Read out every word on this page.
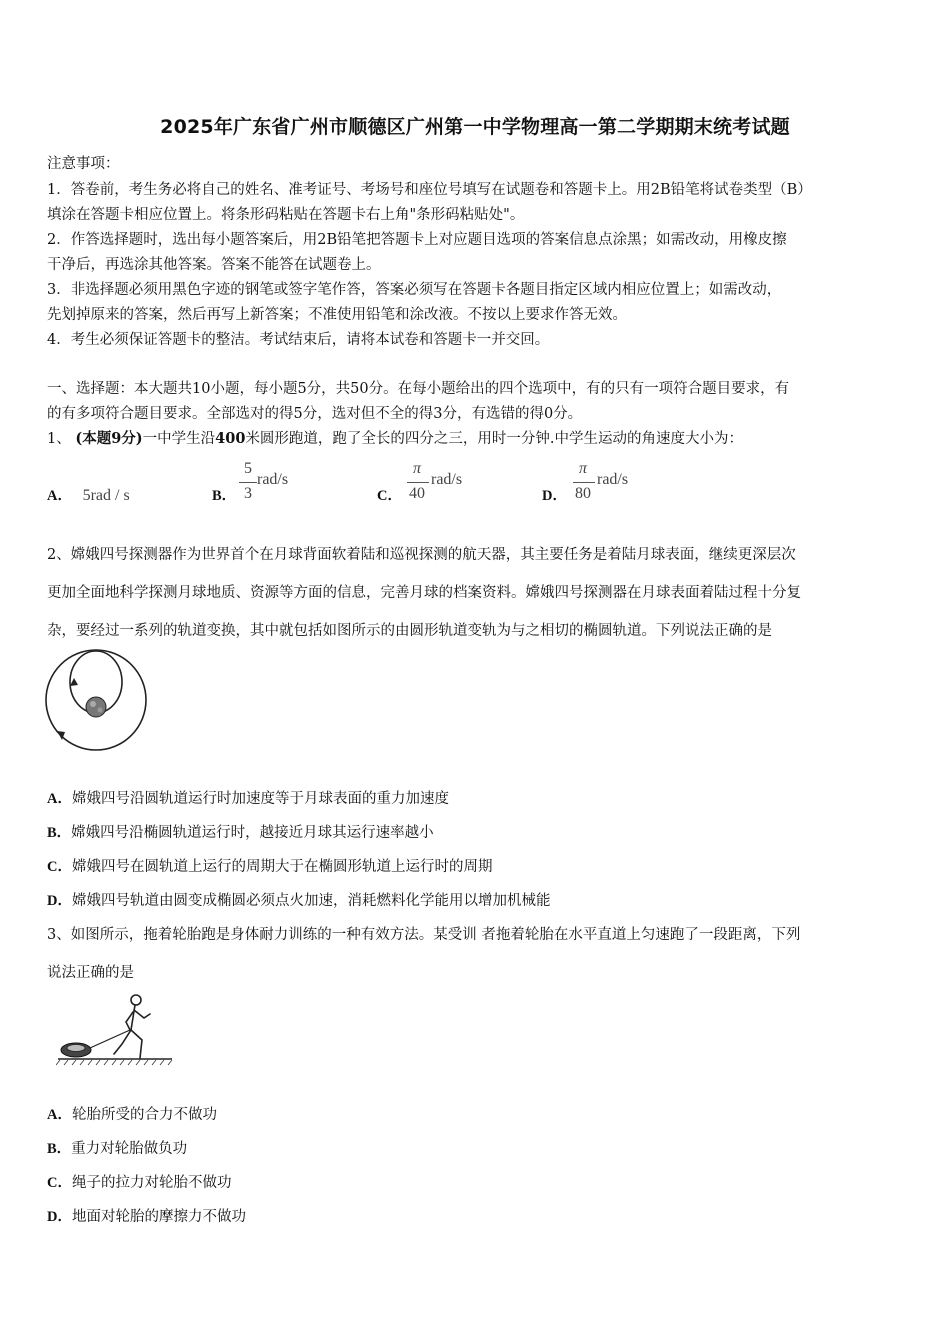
2025年广东省广州市顺德区广州第一中学物理高一第二学期期末统考试题
注意事项：
1．答卷前，考生务必将自己的姓名、准考证号、考场号和座位号填写在试题卷和答题卡上。用2B铅笔将试卷类型（B）
填涂在答题卡相应位置上。将条形码粘贴在答题卡右上角"条形码粘贴处"。
2．作答选择题时，选出每小题答案后，用2B铅笔把答题卡上对应题目选项的答案信息点涂黑；如需改动，用橡皮擦
干净后，再选涂其他答案。答案不能答在试题卷上。
3．非选择题必须用黑色字迹的钢笔或签字笔作答，答案必须写在答题卡各题目指定区域内相应位置上；如需改动，
先划掉原来的答案，然后再写上新答案；不准使用铅笔和涂改液。不按以上要求作答无效。
4．考生必须保证答题卡的整洁。考试结束后，请将本试卷和答题卡一并交回。
一、选择题：本大题共10小题，每小题5分，共50分。在每小题给出的四个选项中，有的只有一项符合题目要求，有
的有多项符合题目要求。全部选对的得5分，选对但不全的得3分，有选错的得0分。
1、 (本题9分)一中学生沿400米圆形跑道，跑了全长的四分之三，用时一分钟.中学生运动的角速度大小为：
A． 5rad / s	B．
5
3
rad/s
C．
π
40
rad/s
D．
π
80
rad/s
2、嫦娥四号探测器作为世界首个在月球背面软着陆和巡视探测的航天器，其主要任务是着陆月球表面，继续更深层次
更加全面地科学探测月球地质、资源等方面的信息，完善月球的档案资料。嫦娥四号探测器在月球表面着陆过程十分复
杂，要经过一系列的轨道变换，其中就包括如图所示的由圆形轨道变轨为与之相切的椭圆轨道。下列说法正确的是
A．嫦娥四号沿圆轨道运行时加速度等于月球表面的重力加速度
B．嫦娥四号沿椭圆轨道运行时，越接近月球其运行速率越小
C．嫦娥四号在圆轨道上运行的周期大于在椭圆形轨道上运行时的周期
D．嫦娥四号轨道由圆变成椭圆必须点火加速，消耗燃料化学能用以增加机械能
3、如图所示，拖着轮胎跑是身体耐力训练的一种有效方法。某受训 者拖着轮胎在水平直道上匀速跑了一段距离，下列
说法正确的是
A．轮胎所受的合力不做功
B．重力对轮胎做负功
C．绳子的拉力对轮胎不做功
D．地面对轮胎的摩擦力不做功
